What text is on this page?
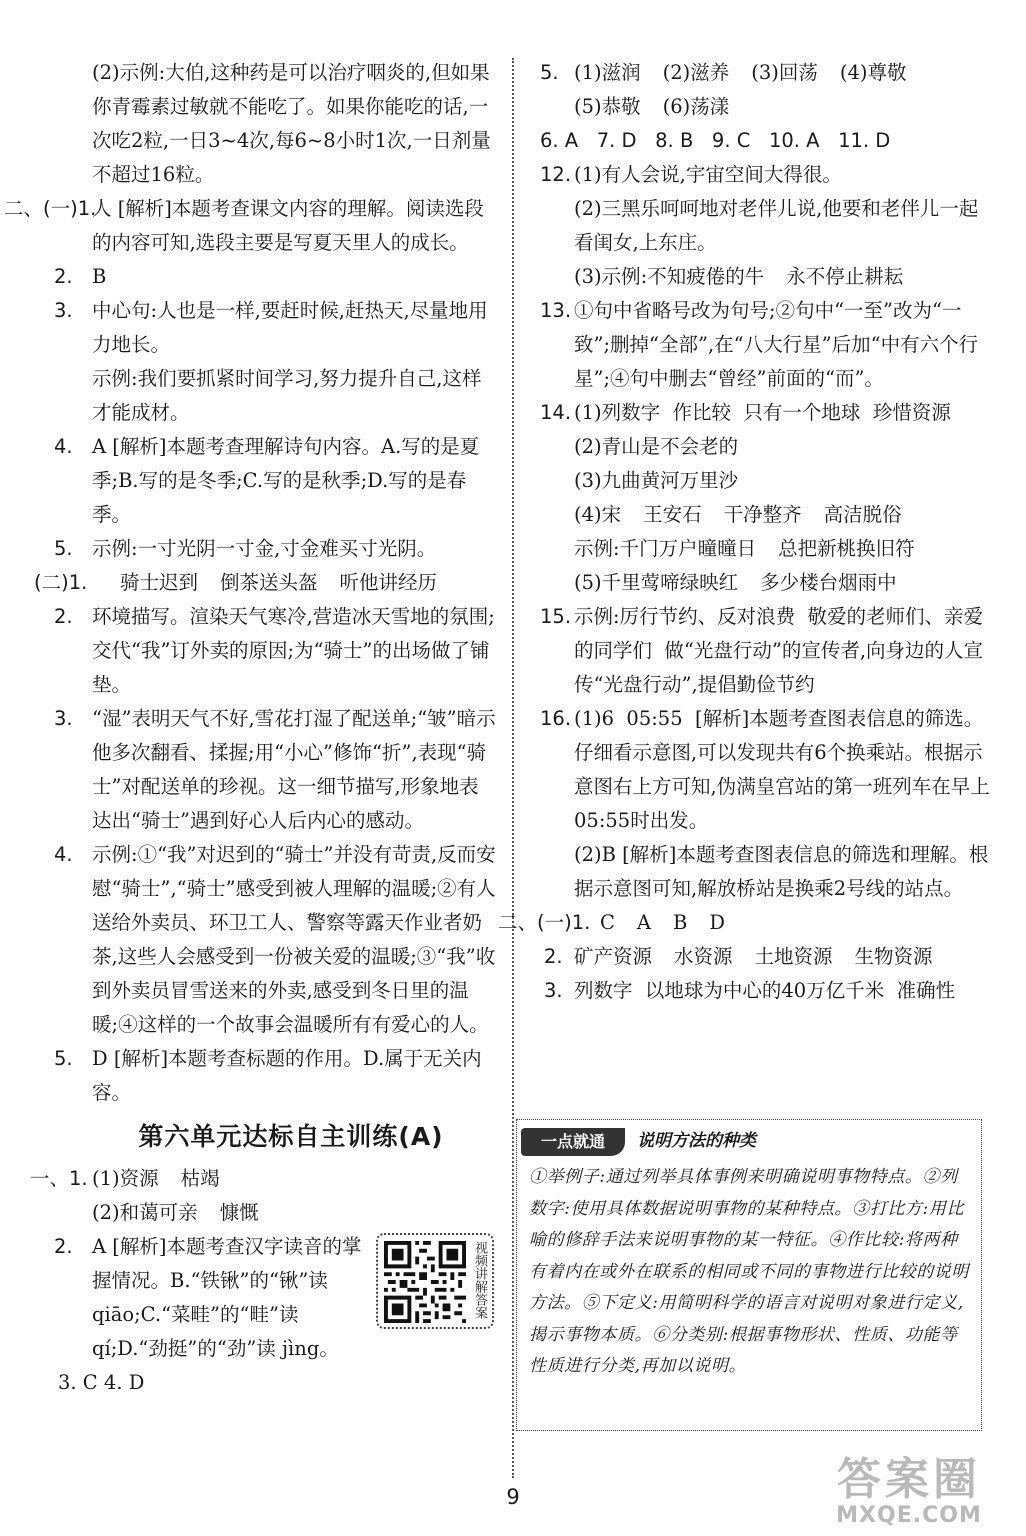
(2)示例:大伯,这种药是可以治疗咽炎的,但如果你青霉素过敏就不能吃了。如果你能吃的话,一次吃2粒,一日3~4次,每6~8小时1次,一日剂量不超过16粒。
二、(一)1.
人 [解析]本题考查课文内容的理解。阅读选段的内容可知,选段主要是写夏天里人的成长。
2. B
3. 中心句:人也是一样,要赶时候,赶热天,尽量地用力地长。
示例:我们要抓紧时间学习,努力提升自己,这样才能成材。
4. A [解析]本题考查理解诗句内容。A.写的是夏季;B.写的是冬季;C.写的是秋季;D.写的是春季。
5. 示例:一寸光阴一寸金,寸金难买寸光阴。
(二)1. 骑士迟到 倒茶送头盔 听他讲经历
2. 环境描写。渲染天气寒冷,营造冰天雪地的氛围;交代“我”订外卖的原因;为“骑士”的出场做了铺垫。
3. “湿”表明天气不好,雪花打湿了配送单;“皱”暗示他多次翻看、揉握;用“小心”修饰“折”,表现“骑士”对配送单的珍视。这一细节描写,形象地表达出“骑士”遇到好心人后内心的感动。
4. 示例:①“我”对迟到的“骑士”并没有苛责,反而安慰“骑士”,“骑士”感受到被人理解的温暖;②有人送给外卖员、环卫工人、警察等露天作业者奶茶,这些人会感受到一份被关爱的温暖;③“我”收到外卖员冒雪送来的外卖,感受到冬日里的温暖;④这样的一个故事会温暖所有有爱心的人。
5. D [解析]本题考查标题的作用。D.属于无关内容。
第六单元达标自主训练(A)
一、1. (1)资源 枯竭
(2)和蔼可亲 慷慨
2. A [解析]本题考查汉字读音的掌握情况。B.“铁锹”的“锹”读 qiāo;C.“菜畦”的“畦”读 qí;D.“劲挺”的“劲”读 jìng。
3. C 4. D
视频讲解答案
5. (1)滋润 (2)滋养 (3)回荡 (4)尊敬
(5)恭敬 (6)荡漾
6. A   7. D   8. B   9. C   10. A   11. D
12. (1)有人会说,宇宙空间大得很。
(2)三黑乐呵呵地对老伴儿说,他要和老伴儿一起看闺女,上东庄。
(3)示例:不知疲倦的牛 永不停止耕耘
13. ①句中省略号改为句号;②句中“一至”改为“一致”;删掉“全部”,在“八大行星”后加“中有六个行星”;④句中删去“曾经”前面的“而”。
14. (1)列数字  作比较  只有一个地球  珍惜资源
(2)青山是不会老的
(3)九曲黄河万里沙
(4)宋 王安石 干净整齐 高洁脱俗
示例:千门万户曈曈日 总把新桃换旧符
(5)千里莺啼绿映红 多少楼台烟雨中
15. 示例:厉行节约、反对浪费  敬爱的老师们、亲爱的同学们  做“光盘行动”的宣传者,向身边的人宣传“光盘行动”,提倡勤俭节约
16. (1)6  05:55  [解析]本题考查图表信息的筛选。仔细看示意图,可以发现共有6个换乘站。根据示意图右上方可知,伪满皇宫站的第一班列车在早上05:55时出发。
(2)B [解析]本题考查图表信息的筛选和理解。根据示意图可知,解放桥站是换乘2号线的站点。
二、(一)1. C A B D
2. 矿产资源 水资源 土地资源 生物资源
3. 列数字  以地球为中心的40万亿千米  准确性
一点就通	说明方法的种类
①举例子:通过列举具体事例来明确说明事物特点。②列数字:使用具体数据说明事物的某种特点。③打比方:用比喻的修辞手法来说明事物的某一特征。④作比较:将两种有着内在或外在联系的相同或不同的事物进行比较的说明方法。⑤下定义:用简明科学的语言对说明对象进行定义,揭示事物本质。⑥分类别:根据事物形状、性质、功能等性质进行分类,再加以说明。
9	答案圈
MXQE.COM
